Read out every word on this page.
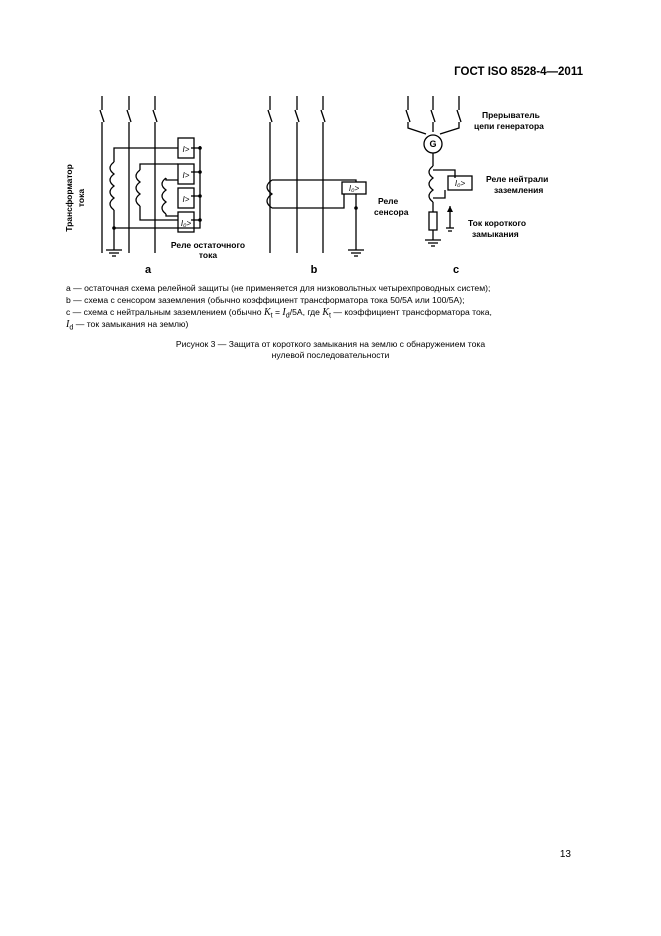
ГОСТ ISO 8528-4—2011
Трансформатор тока
I>
I>
I>
I₀>
Реле остаточного
тока
a
I₀>
Реле
сенсора
b
Прерыватель
цепи генератора
G
I₀> Реле нейтрали
заземления
Ток короткого
замыкания
c
а — остаточная схема релейной защиты (не применяется для низковольтных четырехпроводных систем);
b — схема с сенсором заземления (обычно коэффициент трансформатора тока 50/5А или 100/5А);
c — схема с нейтральным заземлением (обычно $K_t = I_d/5А$, где $K_t$ — коэффициент трансформатора тока,
$I_d$ — ток замыкания на землю)
Рисунок 3 — Защита от короткого замыкания на землю с обнаружением тока
нулевой последовательности
13
